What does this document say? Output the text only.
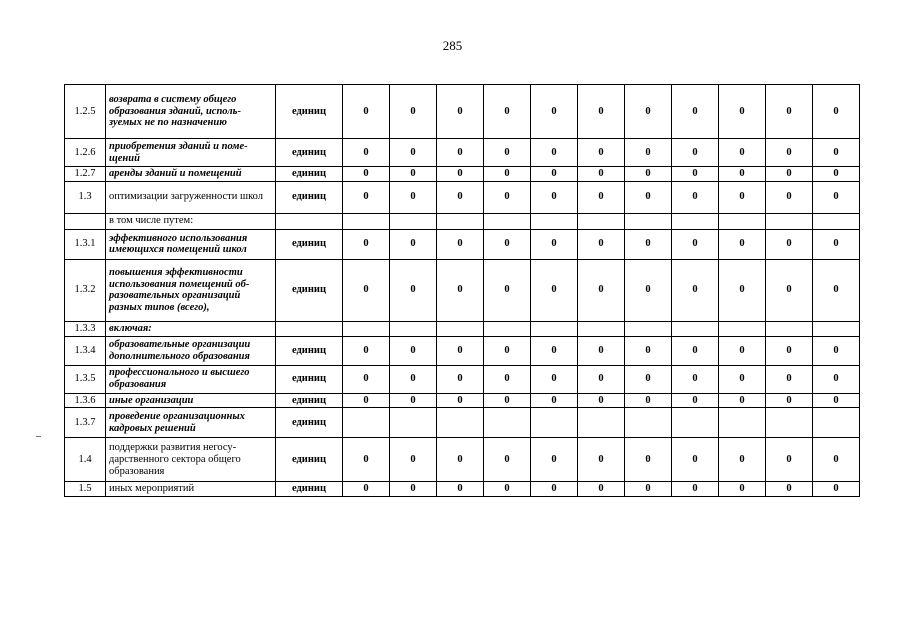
285
1.2.5	возврата в систему общего образования зданий, исполь-зуемых не по назначению	единиц	0	0	0	0	0	0	0	0	0	0	0
1.2.6	приобретения зданий и поме-щений	единиц	0	0	0	0	0	0	0	0	0	0	0
1.2.7	аренды зданий и помещений	единиц	0	0	0	0	0	0	0	0	0	0	0
1.3	оптимизации загруженности школ	единиц	0	0	0	0	0	0	0	0	0	0	0
	в том числе путем:												
1.3.1	эффективного использования имеющихся помещений школ	единиц	0	0	0	0	0	0	0	0	0	0	0
1.3.2	повышения эффективности использования помещений об-разовательных организаций разных типов (всего),	единиц	0	0	0	0	0	0	0	0	0	0	0
1.3.3	включая:												
1.3.4	образовательные организации дополнительного образования	единиц	0	0	0	0	0	0	0	0	0	0	0
1.3.5	профессионального и высшего образования	единиц	0	0	0	0	0	0	0	0	0	0	0
1.3.6	иные организации	единиц	0	0	0	0	0	0	0	0	0	0	0
1.3.7	проведение организационных кадровых решений	единиц											
1.4	поддержки развития негосу-дарственного сектора общего образования	единиц	0	0	0	0	0	0	0	0	0	0	0
1.5	иных мероприятий	единиц	0	0	0	0	0	0	0	0	0	0	0
